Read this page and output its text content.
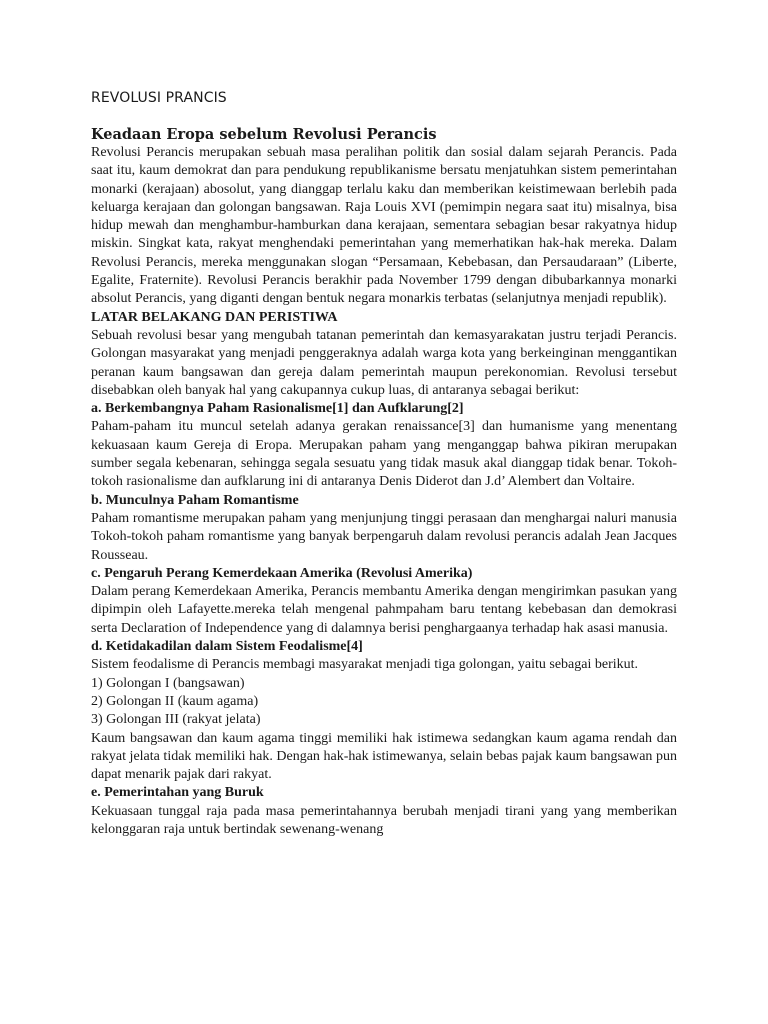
REVOLUSI PRANCIS
Keadaan Eropa sebelum Revolusi Perancis

Revolusi Perancis merupakan sebuah masa peralihan politik dan sosial dalam sejarah Perancis. Pada saat itu, kaum demokrat dan para pendukung republikanisme bersatu menjatuhkan sistem pemerintahan monarki (kerajaan) abosolut, yang dianggap terlalu kaku dan memberikan keistimewaan berlebih pada keluarga kerajaan dan golongan bangsawan. Raja Louis XVI (pemimpin negara saat itu) misalnya, bisa hidup mewah dan menghambur-hamburkan dana kerajaan, sementara sebagian besar rakyatnya hidup miskin. Singkat kata, rakyat menghendaki pemerintahan yang memerhatikan hak-hak mereka. Dalam Revolusi Perancis, mereka menggunakan slogan “Persamaan, Kebebasan, dan Persaudaraan” (Liberte, Egalite, Fraternite). Revolusi Perancis berakhir pada November 1799 dengan dibubarkannya monarki absolut Perancis, yang diganti dengan bentuk negara monarkis terbatas (selanjutnya menjadi republik).

LATAR BELAKANG DAN PERISTIWA

Sebuah revolusi besar yang mengubah tatanan pemerintah dan kemasyarakatan justru terjadi Perancis. Golongan masyarakat yang menjadi penggeraknya adalah warga kota yang berkeinginan menggantikan peranan kaum bangsawan dan gereja dalam pemerintah maupun perekonomian. Revolusi tersebut disebabkan oleh banyak hal yang cakupannya cukup luas, di antaranya sebagai berikut:

a. Berkembangnya Paham Rasionalisme[1] dan Aufklarung[2]

Paham-paham itu muncul setelah adanya gerakan renaissance[3] dan humanisme yang menentang kekuasaan kaum Gereja di Eropa. Merupakan paham yang menganggap bahwa pikiran merupakan sumber segala kebenaran, sehingga segala sesuatu yang tidak masuk akal dianggap tidak benar. Tokoh-tokoh rasionalisme dan aufklarung ini di antaranya Denis Diderot dan J.d’ Alembert dan Voltaire.

b. Munculnya Paham Romantisme

Paham romantisme merupakan paham yang menjunjung tinggi perasaan dan menghargai naluri manusia Tokoh-tokoh paham romantisme yang banyak berpengaruh dalam revolusi perancis adalah Jean Jacques Rousseau.

c. Pengaruh Perang Kemerdekaan Amerika (Revolusi Amerika)

Dalam perang Kemerdekaan Amerika, Perancis membantu Amerika dengan mengirimkan pasukan yang dipimpin oleh Lafayette.mereka telah mengenal pahmpaham baru tentang kebebasan dan demokrasi serta Declaration of Independence yang di dalamnya berisi penghargaanya terhadap hak asasi manusia.

d. Ketidakadilan dalam Sistem Feodalisme[4]

Sistem feodalisme di Perancis membagi masyarakat menjadi tiga golongan, yaitu sebagai berikut.

1) Golongan I (bangsawan)
2) Golongan II (kaum agama)
3) Golongan III (rakyat jelata)

Kaum bangsawan dan kaum agama tinggi memiliki hak istimewa sedangkan kaum agama rendah dan rakyat jelata tidak memiliki hak. Dengan hak-hak istimewanya, selain bebas pajak kaum bangsawan pun dapat menarik pajak dari rakyat.

e. Pemerintahan yang Buruk

Kekuasaan tunggal raja pada masa pemerintahannya berubah menjadi tirani yang yang memberikan kelonggaran raja untuk bertindak sewenang-wenang
